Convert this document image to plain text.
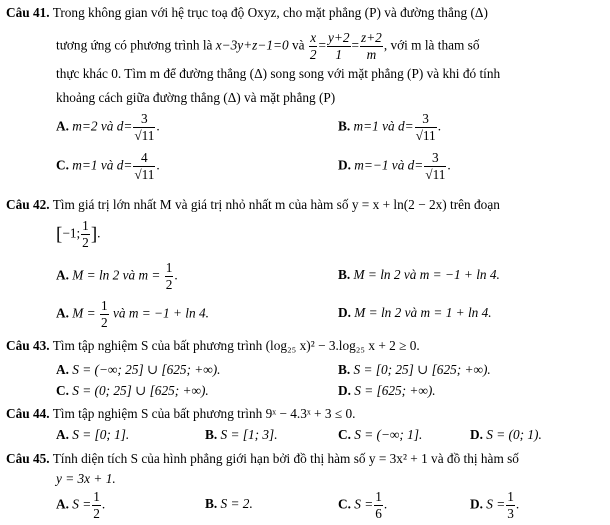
Câu 41. Trong không gian với hệ trục toạ độ Oxyz, cho mặt phẳng (P) và đường thẳng (Δ)
tương ứng có phương trình là x−3y+z−1=0 và $\frac{x}{2} = \frac{y+2}{1} = \frac{z+2}{m}$ , với m là tham số
thực khác 0. Tìm m để đường thẳng (Δ) song song với mặt phẳng (P) và khi đó tính
khoảng cách giữa đường thẳng (Δ) và mặt phẳng (P)
A. m=2 và $d= \frac{3}{√11}$ .	B. m=1 và $d= \frac{3}{√11}$ .
C. m=1 và $d= \frac{4}{√11}$ .	D. m=−1 và $d= \frac{3}{√11}$ .
Câu 42. Tìm giá trị lớn nhất M và giá trị nhỏ nhất m của hàm số y = x + ln(2 − 2x) trên đoạn
[−1; $\frac{1}{2}$ ].
A. M = ln 2 và $m = \frac{1}{2}$ .	B. M = ln 2 và m = −1 + ln 4.
A. $M = \frac{1}{2}$ và m = −1 + ln 4.	D. M = ln 2 và m = 1 + ln 4.
Câu 43. Tìm tập nghiệm S của bất phương trình (log₂₅ x)² − 3.log₂₅ x + 2 ≥ 0.
A. S = (−∞; 25] ∪ [625; +∞).	B. S = [0; 25] ∪ [625; +∞).
C. S = (0; 25] ∪ [625; +∞).	D. S = [625; +∞).
Câu 44. Tìm tập nghiệm S của bất phương trình 9ˣ − 4.3ˣ + 3 ≤ 0.
A. S = [0; 1].	B. S = [1; 3].	C. S = (−∞; 1].	D. S = (0; 1).
Câu 45. Tính diện tích S của hình phẳng giới hạn bởi đồ thị hàm số y = 3x² + 1 và đồ thị hàm số
y = 3x + 1.
A. $S = \frac{1}{2}$ .	B. S = 2.	C. $S = \frac{1}{6}$ .	D. $S = \frac{1}{3}$ .
